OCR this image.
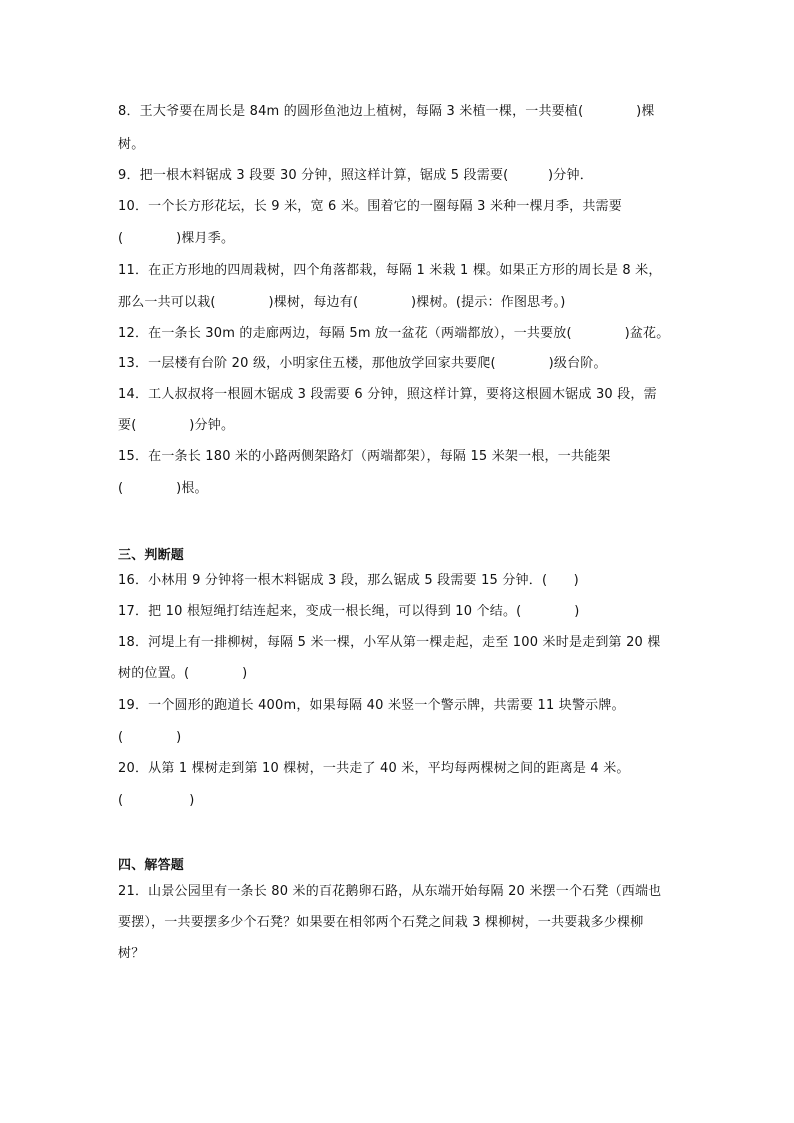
8．王大爷要在周长是 84m 的圆形鱼池边上植树，每隔 3 米植一棵，一共要植(　　　　)棵
树。
9．把一根木料锯成 3 段要 30 分钟，照这样计算，锯成 5 段需要(　　　)分钟．
10．一个长方形花坛，长 9 米，宽 6 米。围着它的一圈每隔 3 米种一棵月季，共需要
(　　　　)棵月季。
11．在正方形地的四周栽树，四个角落都栽，每隔 1 米栽 1 棵。如果正方形的周长是 8 米，
那么一共可以栽(　　　　)棵树，每边有(　　　　)棵树。(提示：作图思考。)
12．在一条长 30m 的走廊两边，每隔 5m 放一盆花（两端都放），一共要放(　　　　)盆花。
13．一层楼有台阶 20 级，小明家住五楼，那他放学回家共要爬(　　　　)级台阶。
14．工人叔叔将一根圆木锯成 3 段需要 6 分钟，照这样计算，要将这根圆木锯成 30 段，需
要(　　　　)分钟。
15．在一条长 180 米的小路两侧架路灯（两端都架），每隔 15 米架一根，一共能架
(　　　　)根。
三、判断题
16．小林用 9 分钟将一根木料锯成 3 段，那么锯成 5 段需要 15 分钟．(　　)
17．把 10 根短绳打结连起来，变成一根长绳，可以得到 10 个结。(　　　　)
18．河堤上有一排柳树，每隔 5 米一棵，小军从第一棵走起，走至 100 米时是走到第 20 棵
树的位置。(　　　　)
19．一个圆形的跑道长 400m，如果每隔 40 米竖一个警示牌，共需要 11 块警示牌。
(　　　　)
20．从第 1 棵树走到第 10 棵树，一共走了 40 米，平均每两棵树之间的距离是 4 米。
(　　　　　)
四、解答题
21．山景公园里有一条长 80 米的百花鹅卵石路，从东端开始每隔 20 米摆一个石凳（西端也
要摆），一共要摆多少个石凳？如果要在相邻两个石凳之间栽 3 棵柳树，一共要栽多少棵柳
树？
